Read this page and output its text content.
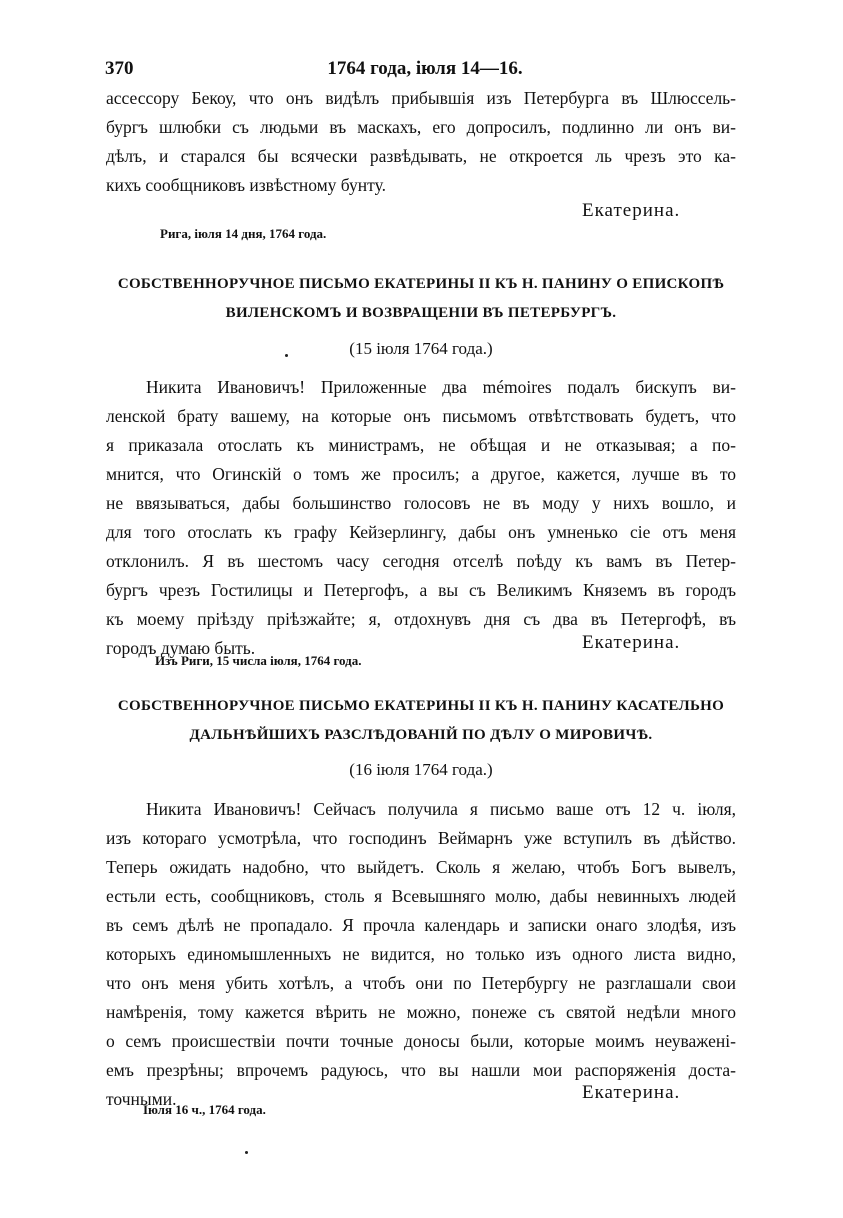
370	1764 года, іюля 14—16.
ассессору Бекоу, что онъ видѣлъ прибывшія изъ Петербурга въ Шлюссель-
бургъ шлюбки съ людьми въ маскахъ, его допросилъ, подлинно ли онъ ви-
дѣлъ, и старался бы всячески развѣдывать, не откроется ль чрезъ это ка-
кихъ сообщниковъ извѣстному бунту.
Екатерина.
Рига, іюля 14 дня, 1764 года.
СОБСТВЕННОРУЧНОЕ ПИСЬМО ЕКАТЕРИНЫ II КЪ Н. ПАНИНУ О ЕПИСКОПѢ
ВИЛЕНСКОМЪ И ВОЗВРАЩЕНІИ ВЪ ПЕТЕРБУРГЪ.
(15 іюля 1764 года.)
Никита Ивановичъ! Приложенные два mémoires подалъ бискупъ ви-
ленской брату вашему, на которые онъ письмомъ отвѣтствовать будетъ, что
я приказала отослать къ министрамъ, не обѣщая и не отказывая; а по-
мнится, что Огинскій о томъ же просилъ; а другое, кажется, лучше въ то
не ввязываться, дабы большинство голосовъ не въ моду у нихъ вошло, и
для того отослать къ графу Кейзерлингу, дабы онъ умненько сіе отъ меня
отклонилъ. Я въ шестомъ часу сегодня отселѣ поѣду къ вамъ въ Петер-
бургъ чрезъ Гостилицы и Петергофъ, а вы съ Великимъ Княземъ въ городъ
къ моему пріѣзду пріѣзжайте; я, отдохнувъ дня съ два въ Петергофѣ, въ
городъ думаю быть.	Екатерина.
Изъ Риги, 15 числа іюля, 1764 года.
СОБСТВЕННОРУЧНОЕ ПИСЬМО ЕКАТЕРИНЫ II КЪ Н. ПАНИНУ КАСАТЕЛЬНО
ДАЛЬНѢЙШИХЪ РАЗСЛѢДОВАНІЙ ПО ДѢЛУ О МИРОВИЧѢ.
(16 іюля 1764 года.)
Никита Ивановичъ! Сейчасъ получила я письмо ваше отъ 12 ч. іюля,
изъ котораго усмотрѣла, что господинъ Веймарнъ уже вступилъ въ дѣйство.
Теперь ожидать надобно, что выйдетъ. Сколь я желаю, чтобъ Богъ вывелъ,
естьли есть, сообщниковъ, столь я Всевышняго молю, дабы невинныхъ людей
въ семъ дѣлѣ не пропадало. Я прочла календарь и записки онаго злодѣя, изъ
которыхъ единомышленныхъ не видится, но только изъ одного листа видно,
что онъ меня убить хотѣлъ, а чтобъ они по Петербургу не разглашали свои
намѣренія, тому кажется вѣрить не можно, понеже съ святой недѣли много
о семъ происшествіи почти точные доносы были, которые моимъ неуваженi-
емъ презрѣны; впрочемъ радуюсь, что вы нашли мои распоряженія доста-
точными.	Екатерина.
Іюля 16 ч., 1764 года.
